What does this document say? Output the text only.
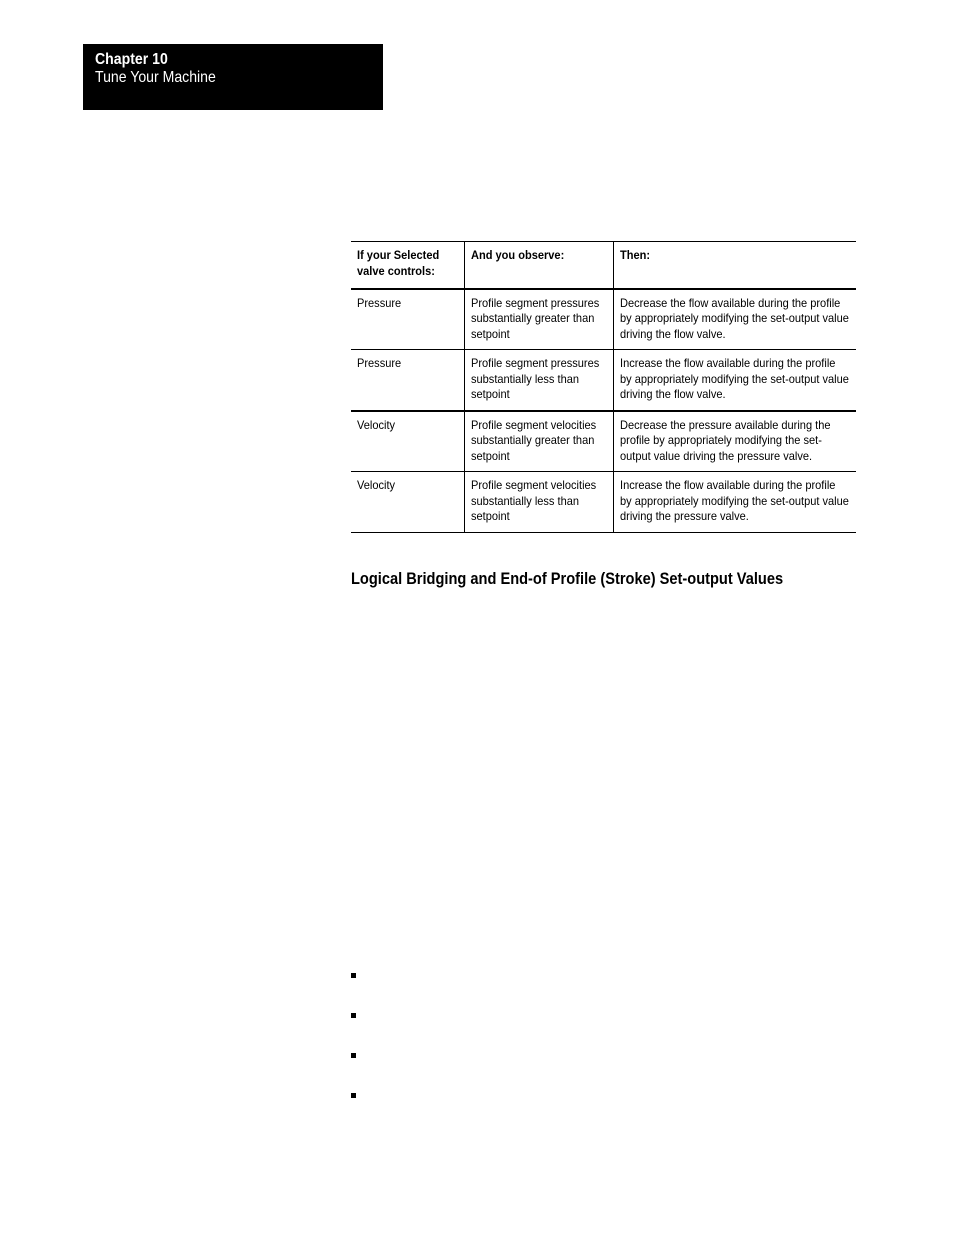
Chapter 10
Tune Your Machine
If your Selected valve controls:	And you observe:	Then:

Pressure	Profile segment pressures substantially greater than setpoint	Decrease the flow available during the profile by appropriately modifying the set-output value driving the flow valve.

Pressure	Profile segment pressures substantially less than setpoint	Increase the flow available during the profile by appropriately modifying the set-output value driving the flow valve.

Velocity	Profile segment velocities substantially greater than setpoint	Decrease the pressure available during the profile by appropriately modifying the set-output value driving the pressure valve.

Velocity	Profile segment velocities substantially less than setpoint	Increase the flow available during the profile by appropriately modifying the set-output value driving the pressure valve.
Logical Bridging and End-of Profile (Stroke) Set-output Values
